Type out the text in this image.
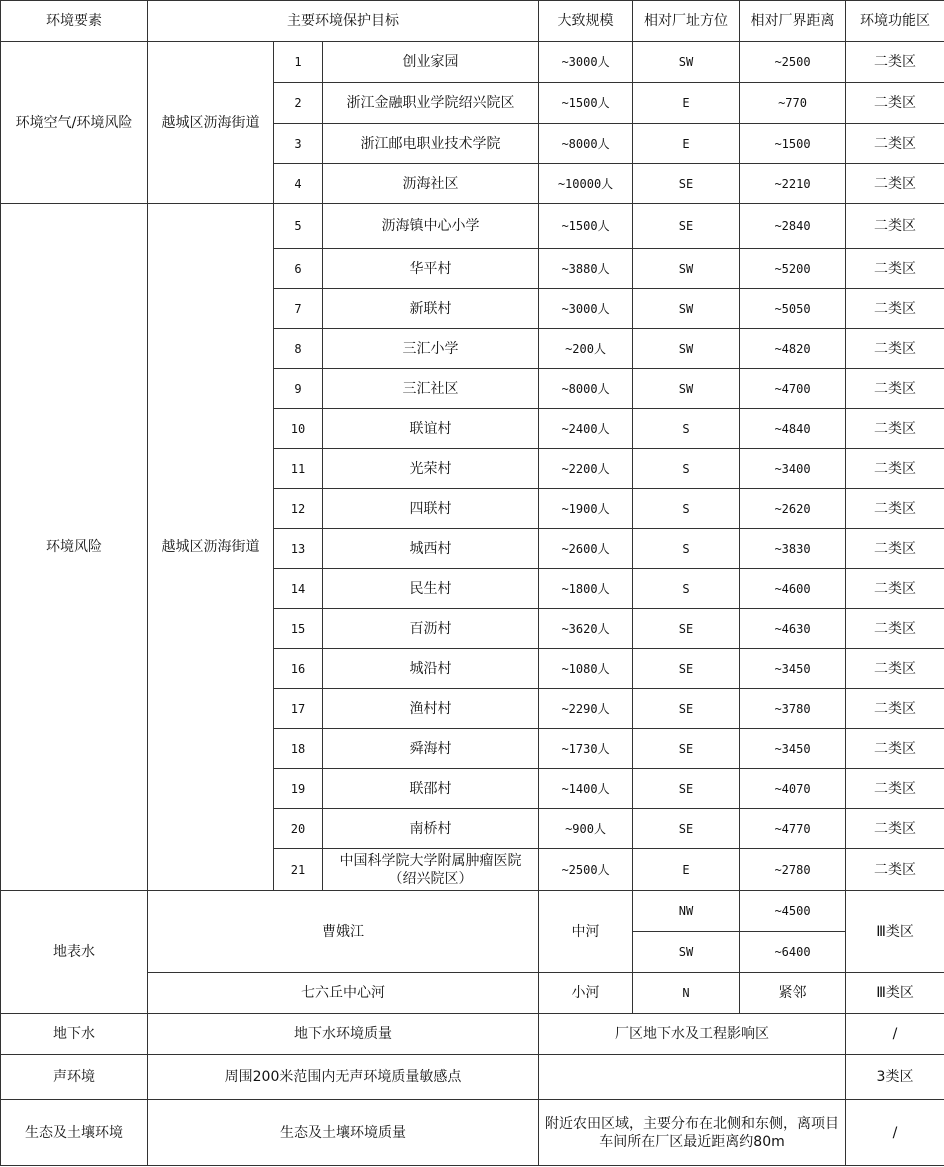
环境要素	主要环境保护目标			大致规模	相对厂址方位	相对厂界距离	环境功能区
环境空气/环境风险	越城区沥海街道	1	创业家园	~3000人	SW	~2500	二类区
		2	浙江金融职业学院绍兴院区	~1500人	E	~770	二类区
		3	浙江邮电职业技术学院	~8000人	E	~1500	二类区
		4	沥海社区	~10000人	SE	~2210	二类区
环境风险	越城区沥海街道	5	沥海镇中心小学	~1500人	SE	~2840	二类区
		6	华平村	~3880人	SW	~5200	二类区
		7	新联村	~3000人	SW	~5050	二类区
		8	三汇小学	~200人	SW	~4820	二类区
		9	三汇社区	~8000人	SW	~4700	二类区
		10	联谊村	~2400人	S	~4840	二类区
		11	光荣村	~2200人	S	~3400	二类区
		12	四联村	~1900人	S	~2620	二类区
		13	城西村	~2600人	S	~3830	二类区
		14	民生村	~1800人	S	~4600	二类区
		15	百沥村	~3620人	SE	~4630	二类区
		16	城沿村	~1080人	SE	~3450	二类区
		17	渔村村	~2290人	SE	~3780	二类区
		18	舜海村	~1730人	SE	~3450	二类区
		19	联邵村	~1400人	SE	~4070	二类区
		20	南桥村	~900人	SE	~4770	二类区
		21	中国科学院大学附属肿瘤医院（绍兴院区）	~2500人	E	~2780	二类区
地表水	曹娥江			中河	NW	~4500	Ⅲ类区
					SW	~6400	
	七六丘中心河			小河	N	紧邻	Ⅲ类区
地下水	地下水环境质量			厂区地下水及工程影响区			/
声环境	周围200米范围内无声环境质量敏感点						3类区
生态及土壤环境	生态及土壤环境质量			附近农田区域，主要分布在北侧和东侧，离项目车间所在厂区最近距离约80m			/
